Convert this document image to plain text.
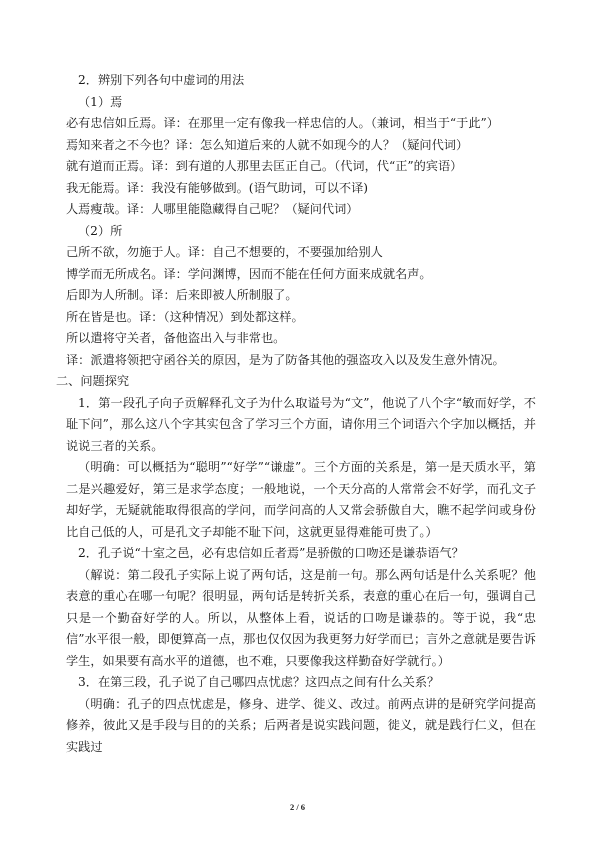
2．辨别下列各句中虚词的用法

（1）焉

必有忠信如丘焉。译：在那里一定有像我一样忠信的人。（兼词，相当于“于此”）

焉知来者之不今也？译：怎么知道后来的人就不如现今的人？（疑问代词）

就有道而正焉。译：到有道的人那里去匡正自己。（代词，代“正”的宾语）

我无能焉。译：我没有能够做到。(语气助词，可以不译)

人焉瘦哉。译：人哪里能隐藏得自己呢？（疑问代词）

（2）所

己所不欲，勿施于人。译：自己不想要的，不要强加给别人

博学而无所成名。译：学问渊博，因而不能在任何方面来成就名声。

后即为人所制。译：后来即被人所制服了。

所在皆是也。译：（这种情况）到处都这样。

所以遣将守关者，备他盗出入与非常也。

译：派遣将领把守函谷关的原因，是为了防备其他的强盗攻入以及发生意外情况。

二、问题探究

1．第一段孔子向子贡解释孔文子为什么取谥号为“文”，他说了八个字“敏而好学，不耻下问”，那么这八个字其实包含了学习三个方面，请你用三个词语六个字加以概括，并说说三者的关系。

（明确：可以概括为“聪明”“好学”“谦虚”。三个方面的关系是，第一是天质水平，第二是兴趣爱好，第三是求学态度；一般地说，一个天分高的人常常会不好学，而孔文子却好学，无疑就能取得很高的学问，而学问高的人又常会骄傲自大，瞧不起学问或身份比自己低的人，可是孔文子却能不耻下问，这就更显得难能可贵了。）

2．孔子说“十室之邑，必有忠信如丘者焉”是骄傲的口吻还是谦恭语气？

（解说：第二段孔子实际上说了两句话，这是前一句。那么两句话是什么关系呢？他表意的重心在哪一句呢？很明显，两句话是转折关系，表意的重心在后一句，强调自己只是一个勤奋好学的人。所以，从整体上看，说话的口吻是谦恭的。等于说，我“忠信”水平很一般，即便算高一点，那也仅仅因为我更努力好学而已；言外之意就是要告诉学生，如果要有高水平的道德，也不难，只要像我这样勤奋好学就行。）

3．在第三段，孔子说了自己哪四点忧虑？这四点之间有什么关系？

（明确：孔子的四点忧虑是，修身、进学、徙义、改过。前两点讲的是研究学问提高修养，彼此又是手段与目的的关系；后两者是说实践问题，徙义，就是践行仁义，但在实践过

2 / 6
